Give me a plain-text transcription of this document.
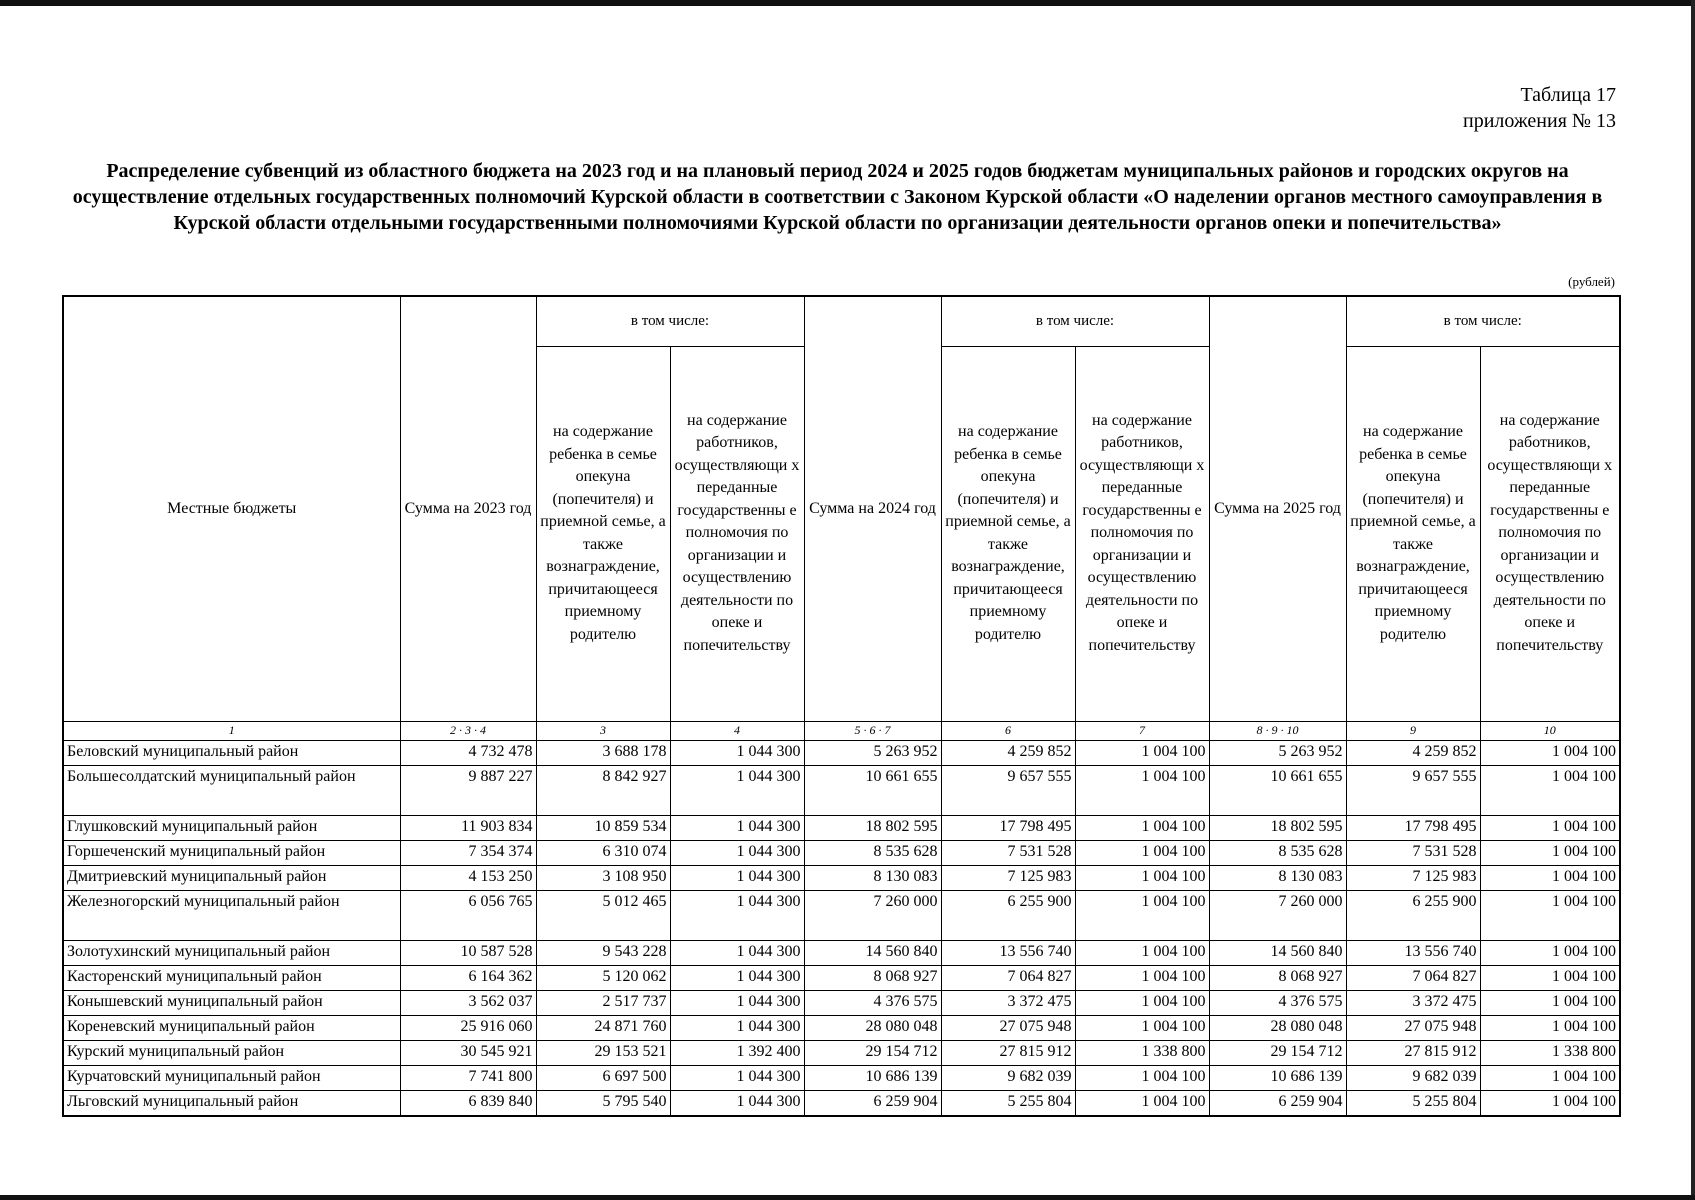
Таблица 17
приложения № 13
Распределение субвенций из областного бюджета на 2023 год и на плановый период 2024 и 2025 годов бюджетам муниципальных районов и городских округов на осуществление отдельных государственных полномочий Курской области в соответствии с Законом Курской области «О наделении органов местного самоуправления в Курской области отдельными государственными полномочиями Курской области по организации деятельности органов опеки и попечительства»
(рублей)
Местные бюджеты	Сумма на 2023 год	в том числе:		Сумма на 2024 год	в том числе:		Сумма на 2025 год	в том числе:	
		на содержание ребенка в семье опекуна (попечителя) и приемной семье, а также вознаграждение, причитающееся приемному родителю	на содержание работников, осуществляющи х переданные государственны е полномочия по организации и осуществлению деятельности по опеке и попечительству		на содержание ребенка в семье опекуна (попечителя) и приемной семье, а также вознаграждение, причитающееся приемному родителю	на содержание работников, осуществляющи х переданные государственны е полномочия по организации и осуществлению деятельности по опеке и попечительству		на содержание ребенка в семье опекуна (попечителя) и приемной семье, а также вознаграждение, причитающееся приемному родителю	на содержание работников, осуществляющи х переданные государственны е полномочия по организации и осуществлению деятельности по опеке и попечительству
1	2 · 3 · 4	3	4	5 · 6 · 7	6	7	8 · 9 · 10	9	10
Беловский муниципальный район	4 732 478	3 688 178	1 044 300	5 263 952	4 259 852	1 004 100	5 263 952	4 259 852	1 004 100
Большесолдатский муниципальный район	9 887 227	8 842 927	1 044 300	10 661 655	9 657 555	1 004 100	10 661 655	9 657 555	1 004 100
Глушковский муниципальный район	11 903 834	10 859 534	1 044 300	18 802 595	17 798 495	1 004 100	18 802 595	17 798 495	1 004 100
Горшеченский муниципальный район	7 354 374	6 310 074	1 044 300	8 535 628	7 531 528	1 004 100	8 535 628	7 531 528	1 004 100
Дмитриевский муниципальный район	4 153 250	3 108 950	1 044 300	8 130 083	7 125 983	1 004 100	8 130 083	7 125 983	1 004 100
Железногорский муниципальный район	6 056 765	5 012 465	1 044 300	7 260 000	6 255 900	1 004 100	7 260 000	6 255 900	1 004 100
Золотухинский муниципальный район	10 587 528	9 543 228	1 044 300	14 560 840	13 556 740	1 004 100	14 560 840	13 556 740	1 004 100
Касторенский муниципальный район	6 164 362	5 120 062	1 044 300	8 068 927	7 064 827	1 004 100	8 068 927	7 064 827	1 004 100
Конышевский муниципальный район	3 562 037	2 517 737	1 044 300	4 376 575	3 372 475	1 004 100	4 376 575	3 372 475	1 004 100
Кореневский муниципальный район	25 916 060	24 871 760	1 044 300	28 080 048	27 075 948	1 004 100	28 080 048	27 075 948	1 004 100
Курский муниципальный район	30 545 921	29 153 521	1 392 400	29 154 712	27 815 912	1 338 800	29 154 712	27 815 912	1 338 800
Курчатовский муниципальный район	7 741 800	6 697 500	1 044 300	10 686 139	9 682 039	1 004 100	10 686 139	9 682 039	1 004 100
Льговский муниципальный район	6 839 840	5 795 540	1 044 300	6 259 904	5 255 804	1 004 100	6 259 904	5 255 804	1 004 100
